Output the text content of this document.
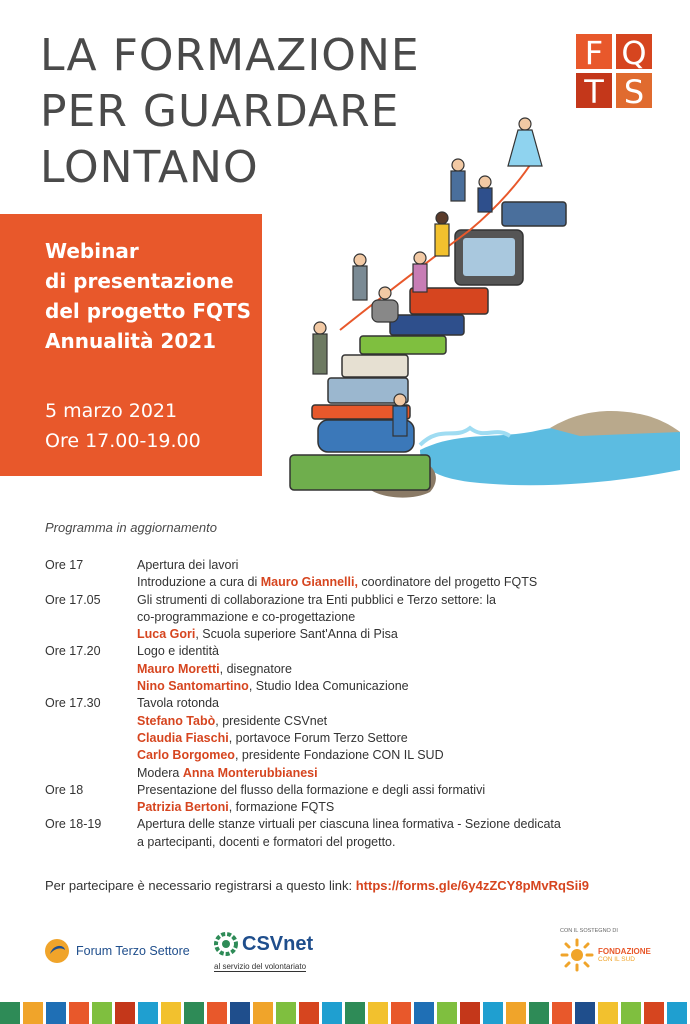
LA FORMAZIONE
PER GUARDARE
LONTANO
F Q
T S
Webinar
di presentazione
del progetto FQTS
Annualità 2021
5 marzo 2021
Ore 17.00-19.00
Programma in aggiornamento
Ore 17	Apertura dei lavori
Introduzione a cura di Mauro Giannelli, coordinatore del progetto FQTS
Ore 17.05	Gli strumenti di collaborazione tra Enti pubblici e Terzo settore: la
co-programmazione e co-progettazione
Luca Gori, Scuola superiore Sant'Anna di Pisa
Ore 17.20	Logo e identità
Mauro Moretti, disegnatore
Nino Santomartino, Studio Idea Comunicazione
Ore 17.30	Tavola rotonda
Stefano Tabò, presidente CSVnet
Claudia Fiaschi, portavoce Forum Terzo Settore
Carlo Borgomeo, presidente Fondazione CON IL SUD
Modera Anna Monterubbianesi
Ore 18	Presentazione del flusso della formazione e degli assi formativi
Patrizia Bertoni, formazione FQTS
Ore 18-19	Apertura delle stanze virtuali per ciascuna linea formativa - Sezione dedicata
a partecipanti, docenti e formatori del progetto.
Per partecipare è necessario registrarsi a questo link: https://forms.gle/6y4zZCY8pMvRqSii9
Forum Terzo Settore	CSVnet
al servizio del volontariato
CON IL SOSTEGNO DI
FONDAZIONE
CON IL SUD
